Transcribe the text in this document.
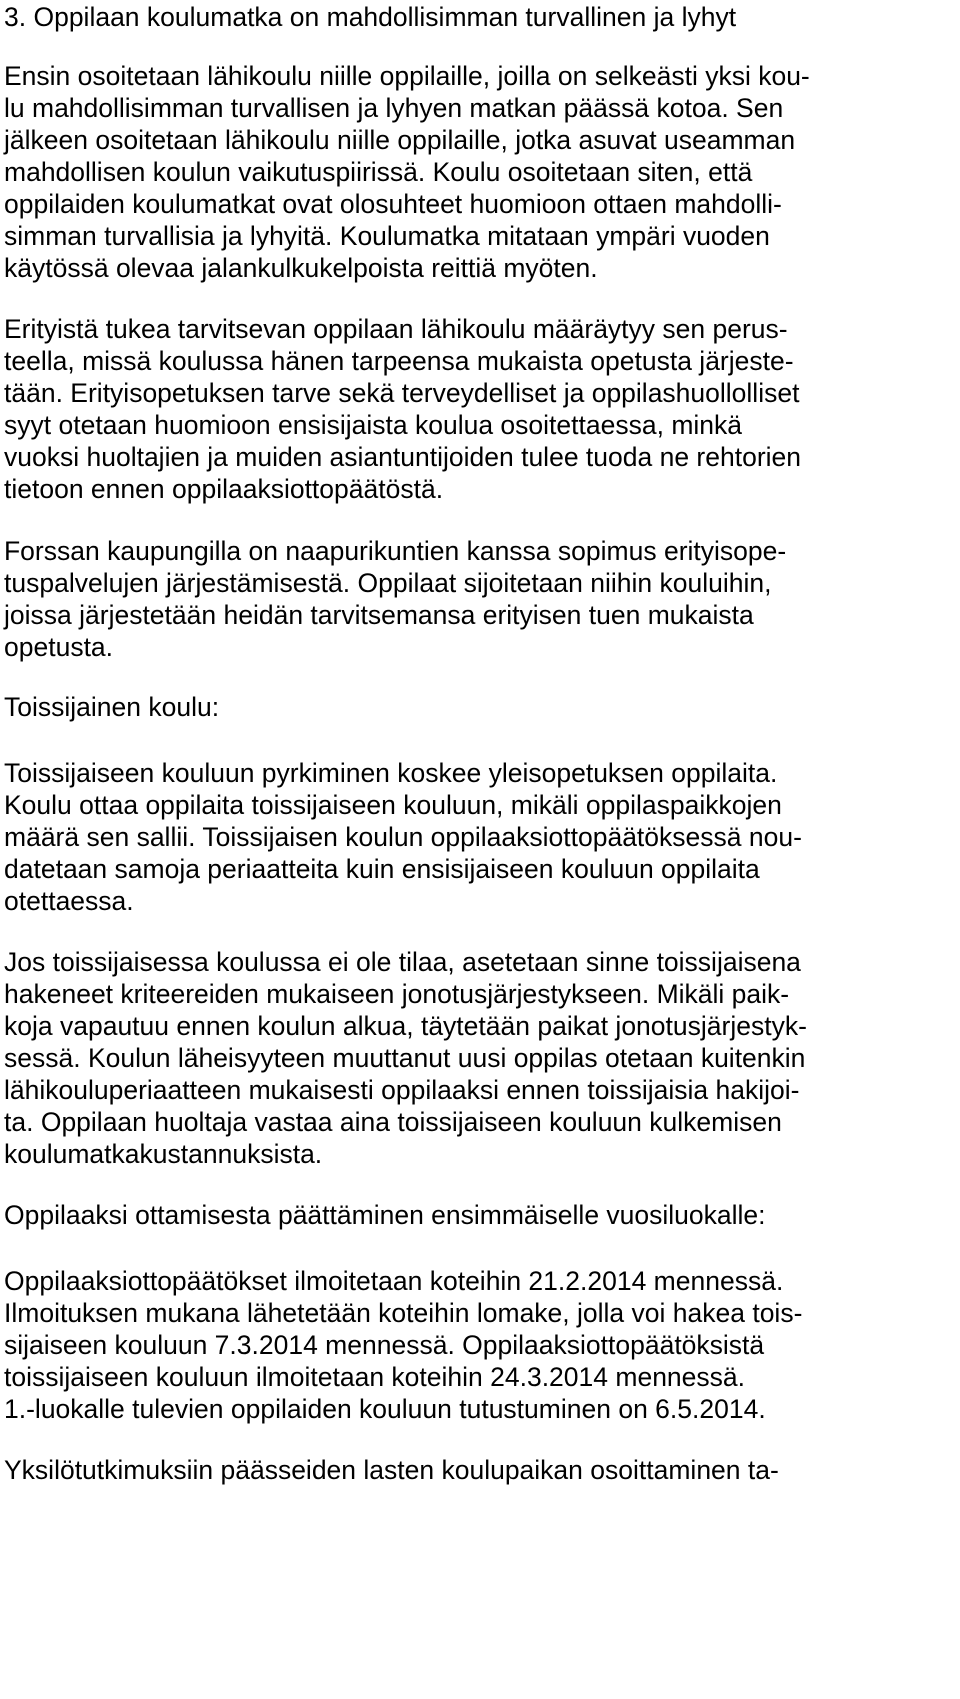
3. Oppilaan koulumatka on mahdollisimman turvallinen ja lyhyt
Ensin osoitetaan lähikoulu niille oppilaille, joilla on selkeästi yksi kou-
lu mahdollisimman turvallisen ja lyhyen matkan päässä kotoa. Sen
jälkeen osoitetaan lähikoulu niille oppilaille, jotka asuvat useamman
mahdollisen koulun vaikutuspiirissä. Koulu osoitetaan siten, että
oppilaiden koulumatkat ovat olosuhteet huomioon ottaen mahdolli-
simman turvallisia ja lyhyitä. Koulumatka mitataan ympäri vuoden
käytössä olevaa jalankulkukelpoista reittiä myöten.
Erityistä tukea tarvitsevan oppilaan lähikoulu määräytyy sen perus-
teella, missä koulussa hänen tarpeensa mukaista opetusta järjeste-
tään. Erityisopetuksen tarve sekä terveydelliset ja oppilashuollolliset
syyt otetaan huomioon ensisijaista koulua osoitettaessa, minkä
vuoksi huoltajien ja muiden asiantuntijoiden tulee tuoda ne rehtorien
tietoon ennen oppilaaksiottopäätöstä.
Forssan kaupungilla on naapurikuntien kanssa sopimus erityisope-
tuspalvelujen järjestämisestä. Oppilaat sijoitetaan niihin kouluihin,
joissa järjestetään heidän tarvitsemansa erityisen tuen mukaista
opetusta.
Toissijainen koulu:
Toissijaiseen kouluun pyrkiminen koskee yleisopetuksen oppilaita.
Koulu ottaa oppilaita toissijaiseen kouluun, mikäli oppilaspaikkojen
määrä sen sallii. Toissijaisen koulun oppilaaksiottopäätöksessä nou-
datetaan samoja periaatteita kuin ensisijaiseen kouluun oppilaita
otettaessa.
Jos toissijaisessa koulussa ei ole tilaa, asetetaan sinne toissijaisena
hakeneet kriteereiden mukaiseen jonotusjärjestykseen. Mikäli paik-
koja vapautuu ennen koulun alkua, täytetään paikat jonotusjärjestyk-
sessä. Koulun läheisyyteen muuttanut uusi oppilas otetaan kuitenkin
lähikouluperiaatteen mukaisesti oppilaaksi ennen toissijaisia hakijoi-
ta. Oppilaan huoltaja vastaa aina toissijaiseen kouluun kulkemisen
koulumatkakustannuksista.
Oppilaaksi ottamisesta päättäminen ensimmäiselle vuosiluokalle:
Oppilaaksiottopäätökset ilmoitetaan koteihin 21.2.2014 mennessä.
Ilmoituksen mukana lähetetään koteihin lomake, jolla voi hakea tois-
sijaiseen kouluun 7.3.2014 mennessä. Oppilaaksiottopäätöksistä
toissijaiseen kouluun ilmoitetaan koteihin 24.3.2014 mennessä.
1.-luokalle tulevien oppilaiden kouluun tutustuminen on 6.5.2014.
Yksilötutkimuksiin päässeiden lasten koulupaikan osoittaminen ta-
